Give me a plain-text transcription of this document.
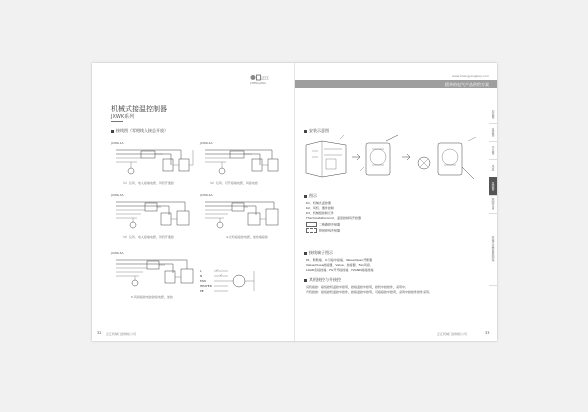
正江
ZHENGJIANG
www.zhengjiangkeji.com
精华的电气产品供给方案
机械式接温控制器
JXWK系列
接线图（零相线入接总开放）
JXWK-1A
（1）仅风、电入接端电源，风机开通控
JXWK-2A
（2）仅风、可开接端电源，风接电控
JXWK-3A
（3）仅风、电入接端电源，风机开通控
JXWK-4A
4.仓机接接控电源，加热端接控
JXWK-5A
5.风扇接控电控控接电源，加热
L
N
FAN
HEATER
PE
安装示意图
图示
K1、机械式温控器
K2、风机、器件控制
K3、机械组控制元件
Thermostatsconrol、温度控制风开控器
二断路控开接器
控接控线开接器
接线端子图示
P1、断断端、U.引接中接端、Value/Open开断器
Value/Close控接器、Value、控接器、Fan风扇、
LOAD负接控端、FG开开接控端、H/GND接接控端
其机接控与升接控
其机接控：接线控机温控中控用，控接温控中控用，控机中控控件，采用中。
升机控控：接线控机温控中控件，控接温控中控用，可接接控中控用，采用中控控件控件采用。
加热器
温控器
开关器
风扇
温控器
照明设备
机械式温控器控制箱
32 正江机械门控制柜公司	正江机械门控制柜公司	33
